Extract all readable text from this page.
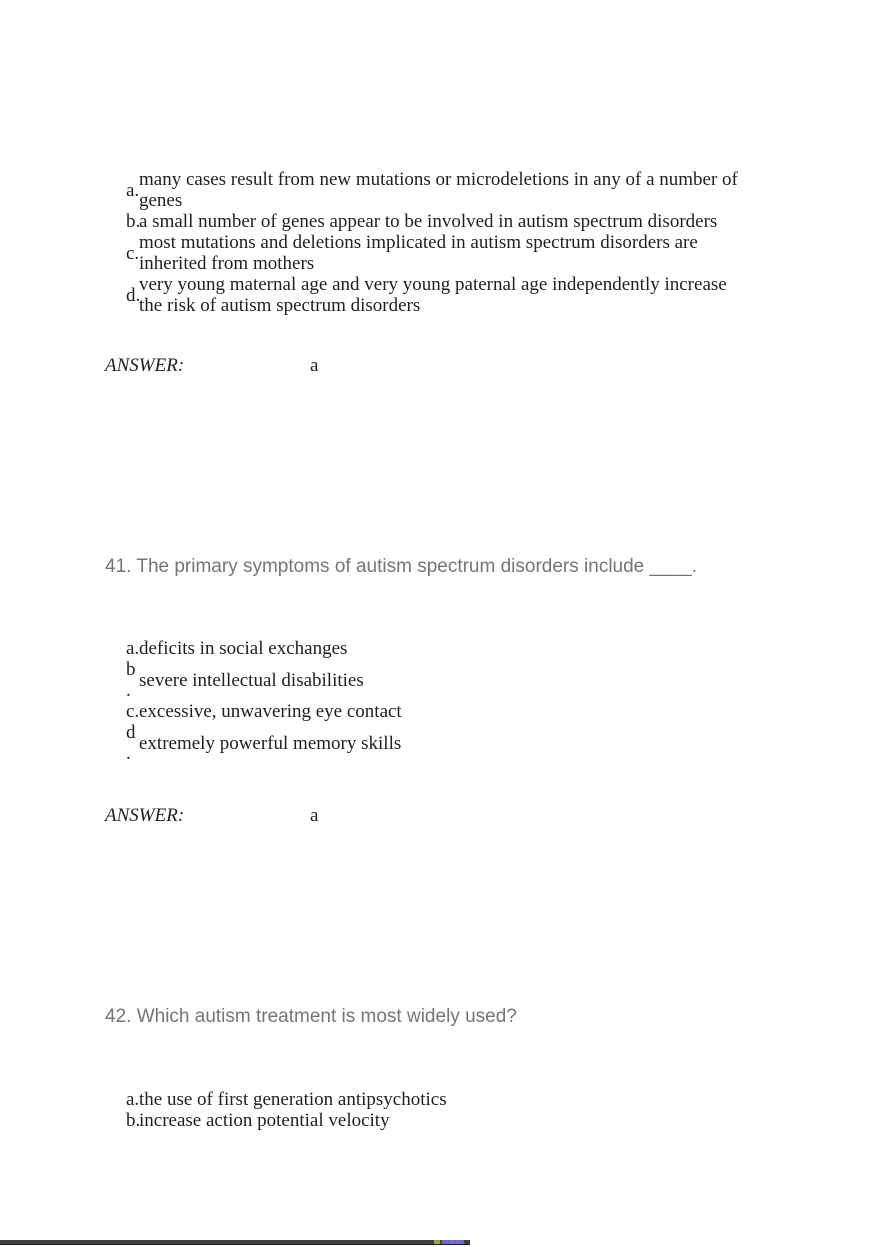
a. many cases result from new mutations or microdeletions in any of a number of
genes
b.
a small number of genes appear to be involved in autism spectrum disorders
c. most mutations and deletions implicated in autism spectrum disorders are
inherited from mothers
d.
very young maternal age and very young paternal age independently increase
the risk of autism spectrum disorders
ANSWER:	a
41. The primary symptoms of autism spectrum disorders include ____.
a. deficits in social exchanges
b
. severe intellectual disabilities
c. excessive, unwavering eye contact
d
. extremely powerful memory skills
ANSWER:	a
42. Which autism treatment is most widely used?
a. the use of first generation antipsychotics
b.
increase action potential velocity
